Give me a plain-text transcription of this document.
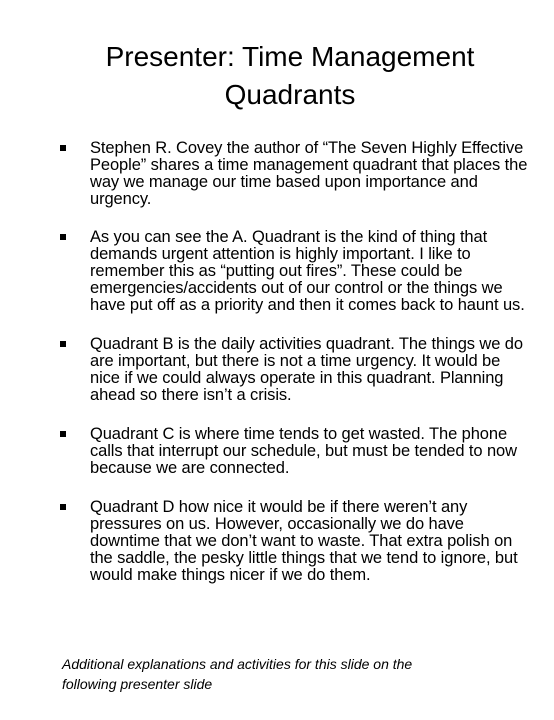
Presenter: Time Management
Quadrants
Stephen R. Covey the author of “The Seven Highly Effective People” shares a time management quadrant that places the way we manage our time based upon importance and urgency.
As you can see the A. Quadrant is the kind of thing that demands urgent attention is highly important. I like to remember this as “putting out fires”. These could be emergencies/accidents out of our control or the things we have put off as a priority and then it comes back to haunt us.
Quadrant B is the daily activities quadrant. The things we do are important, but there is not a time urgency. It would be nice if we could always operate in this quadrant. Planning ahead so there isn’t a crisis.
Quadrant C is where time tends to get wasted. The phone calls that interrupt our schedule, but must be tended to now because we are connected.
Quadrant D how nice it would be if there weren’t any pressures on us. However, occasionally we do have downtime that we don’t want to waste. That extra polish on the saddle, the pesky little things that we tend to ignore, but would make things nicer if we do them.
Additional explanations and activities for this slide on the
following presenter slide
